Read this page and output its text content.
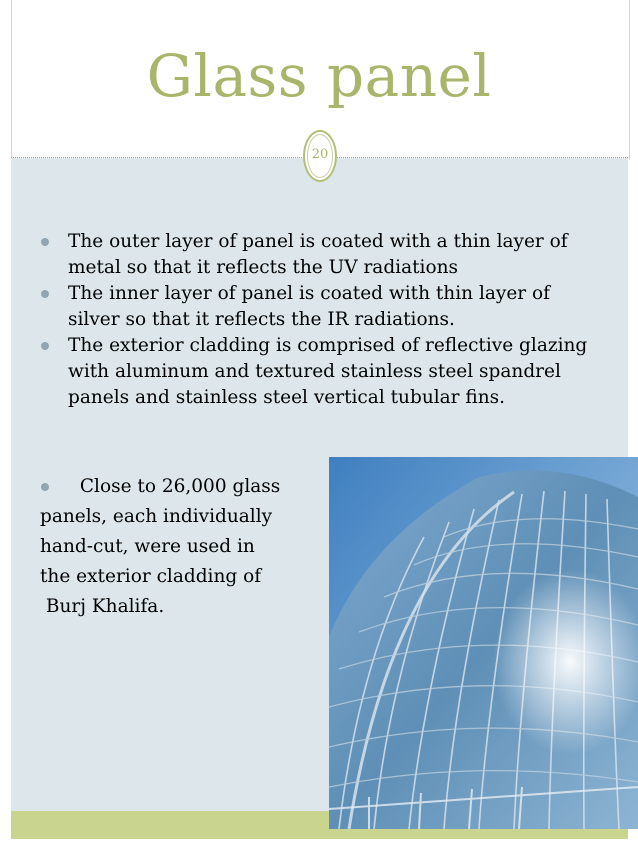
Glass panel
20
The outer layer of panel is coated with a thin layer of metal so that it reflects the UV radiations
The inner layer of panel is coated with thin layer of silver so that it reflects the IR radiations.
The exterior cladding is comprised of reflective glazing with aluminum and textured stainless steel spandrel panels and stainless steel vertical tubular fins.
Close to 26,000 glass
panels, each individually
hand-cut, were used in
the exterior cladding of
Burj Khalifa.
